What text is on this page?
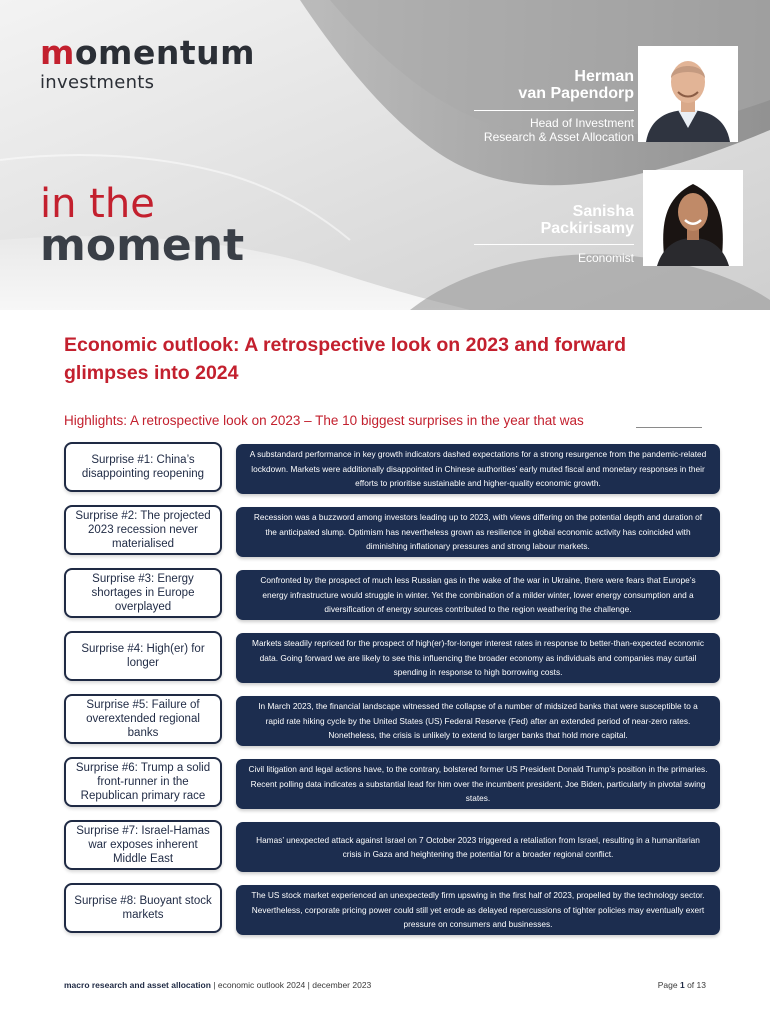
momentum
investments
in the
moment
Herman
van Papendorp
Head of Investment
Research & Asset Allocation
Sanisha
Packirisamy
Economist
Economic outlook: A retrospective look on 2023 and forward glimpses into 2024
Highlights: A retrospective look on 2023 – The 10 biggest surprises in the year that was
Surprise #1: China’s disappointing reopening
A substandard performance in key growth indicators dashed expectations for a strong resurgence from the pandemic-related lockdown. Markets were additionally disappointed in Chinese authorities’ early muted fiscal and monetary responses in their efforts to prioritise sustainable and higher-quality economic growth.
Surprise #2: The projected 2023 recession never materialised
Recession was a buzzword among investors leading up to 2023, with views differing on the potential depth and duration of the anticipated slump. Optimism has nevertheless grown as resilience in global economic activity has coincided with diminishing inflationary pressures and strong labour markets.
Surprise #3: Energy shortages in Europe overplayed
Confronted by the prospect of much less Russian gas in the wake of the war in Ukraine, there were fears that Europe’s energy infrastructure would struggle in winter. Yet the combination of a milder winter, lower energy consumption and a diversification of energy sources contributed to the region weathering the challenge.
Surprise #4: High(er) for longer
Markets steadily repriced for the prospect of high(er)-for-longer interest rates in response to better-than-expected economic data. Going forward we are likely to see this influencing the broader economy as individuals and companies may curtail spending in response to high borrowing costs.
Surprise #5: Failure of overextended regional banks
In March 2023, the financial landscape witnessed the collapse of a number of midsized banks that were susceptible to a rapid rate hiking cycle by the United States (US) Federal Reserve (Fed) after an extended period of near-zero rates. Nonetheless, the crisis is unlikely to extend to larger banks that hold more capital.
Surprise #6: Trump a solid front-runner in the Republican primary race
Civil litigation and legal actions have, to the contrary, bolstered former US President Donald Trump’s position in the primaries. Recent polling data indicates a substantial lead for him over the incumbent president, Joe Biden, particularly in pivotal swing states.
Surprise #7: Israel-Hamas war exposes inherent Middle East
Hamas’ unexpected attack against Israel on 7 October 2023 triggered a retaliation from Israel, resulting in a humanitarian crisis in Gaza and heightening the potential for a broader regional conflict.
Surprise #8: Buoyant stock markets
The US stock market experienced an unexpectedly firm upswing in the first half of 2023, propelled by the technology sector. Nevertheless, corporate pricing power could still yet erode as delayed repercussions of tighter policies may eventually exert pressure on consumers and businesses.
macro research and asset allocation | economic outlook 2024 | december 2023	Page 1 of 13
